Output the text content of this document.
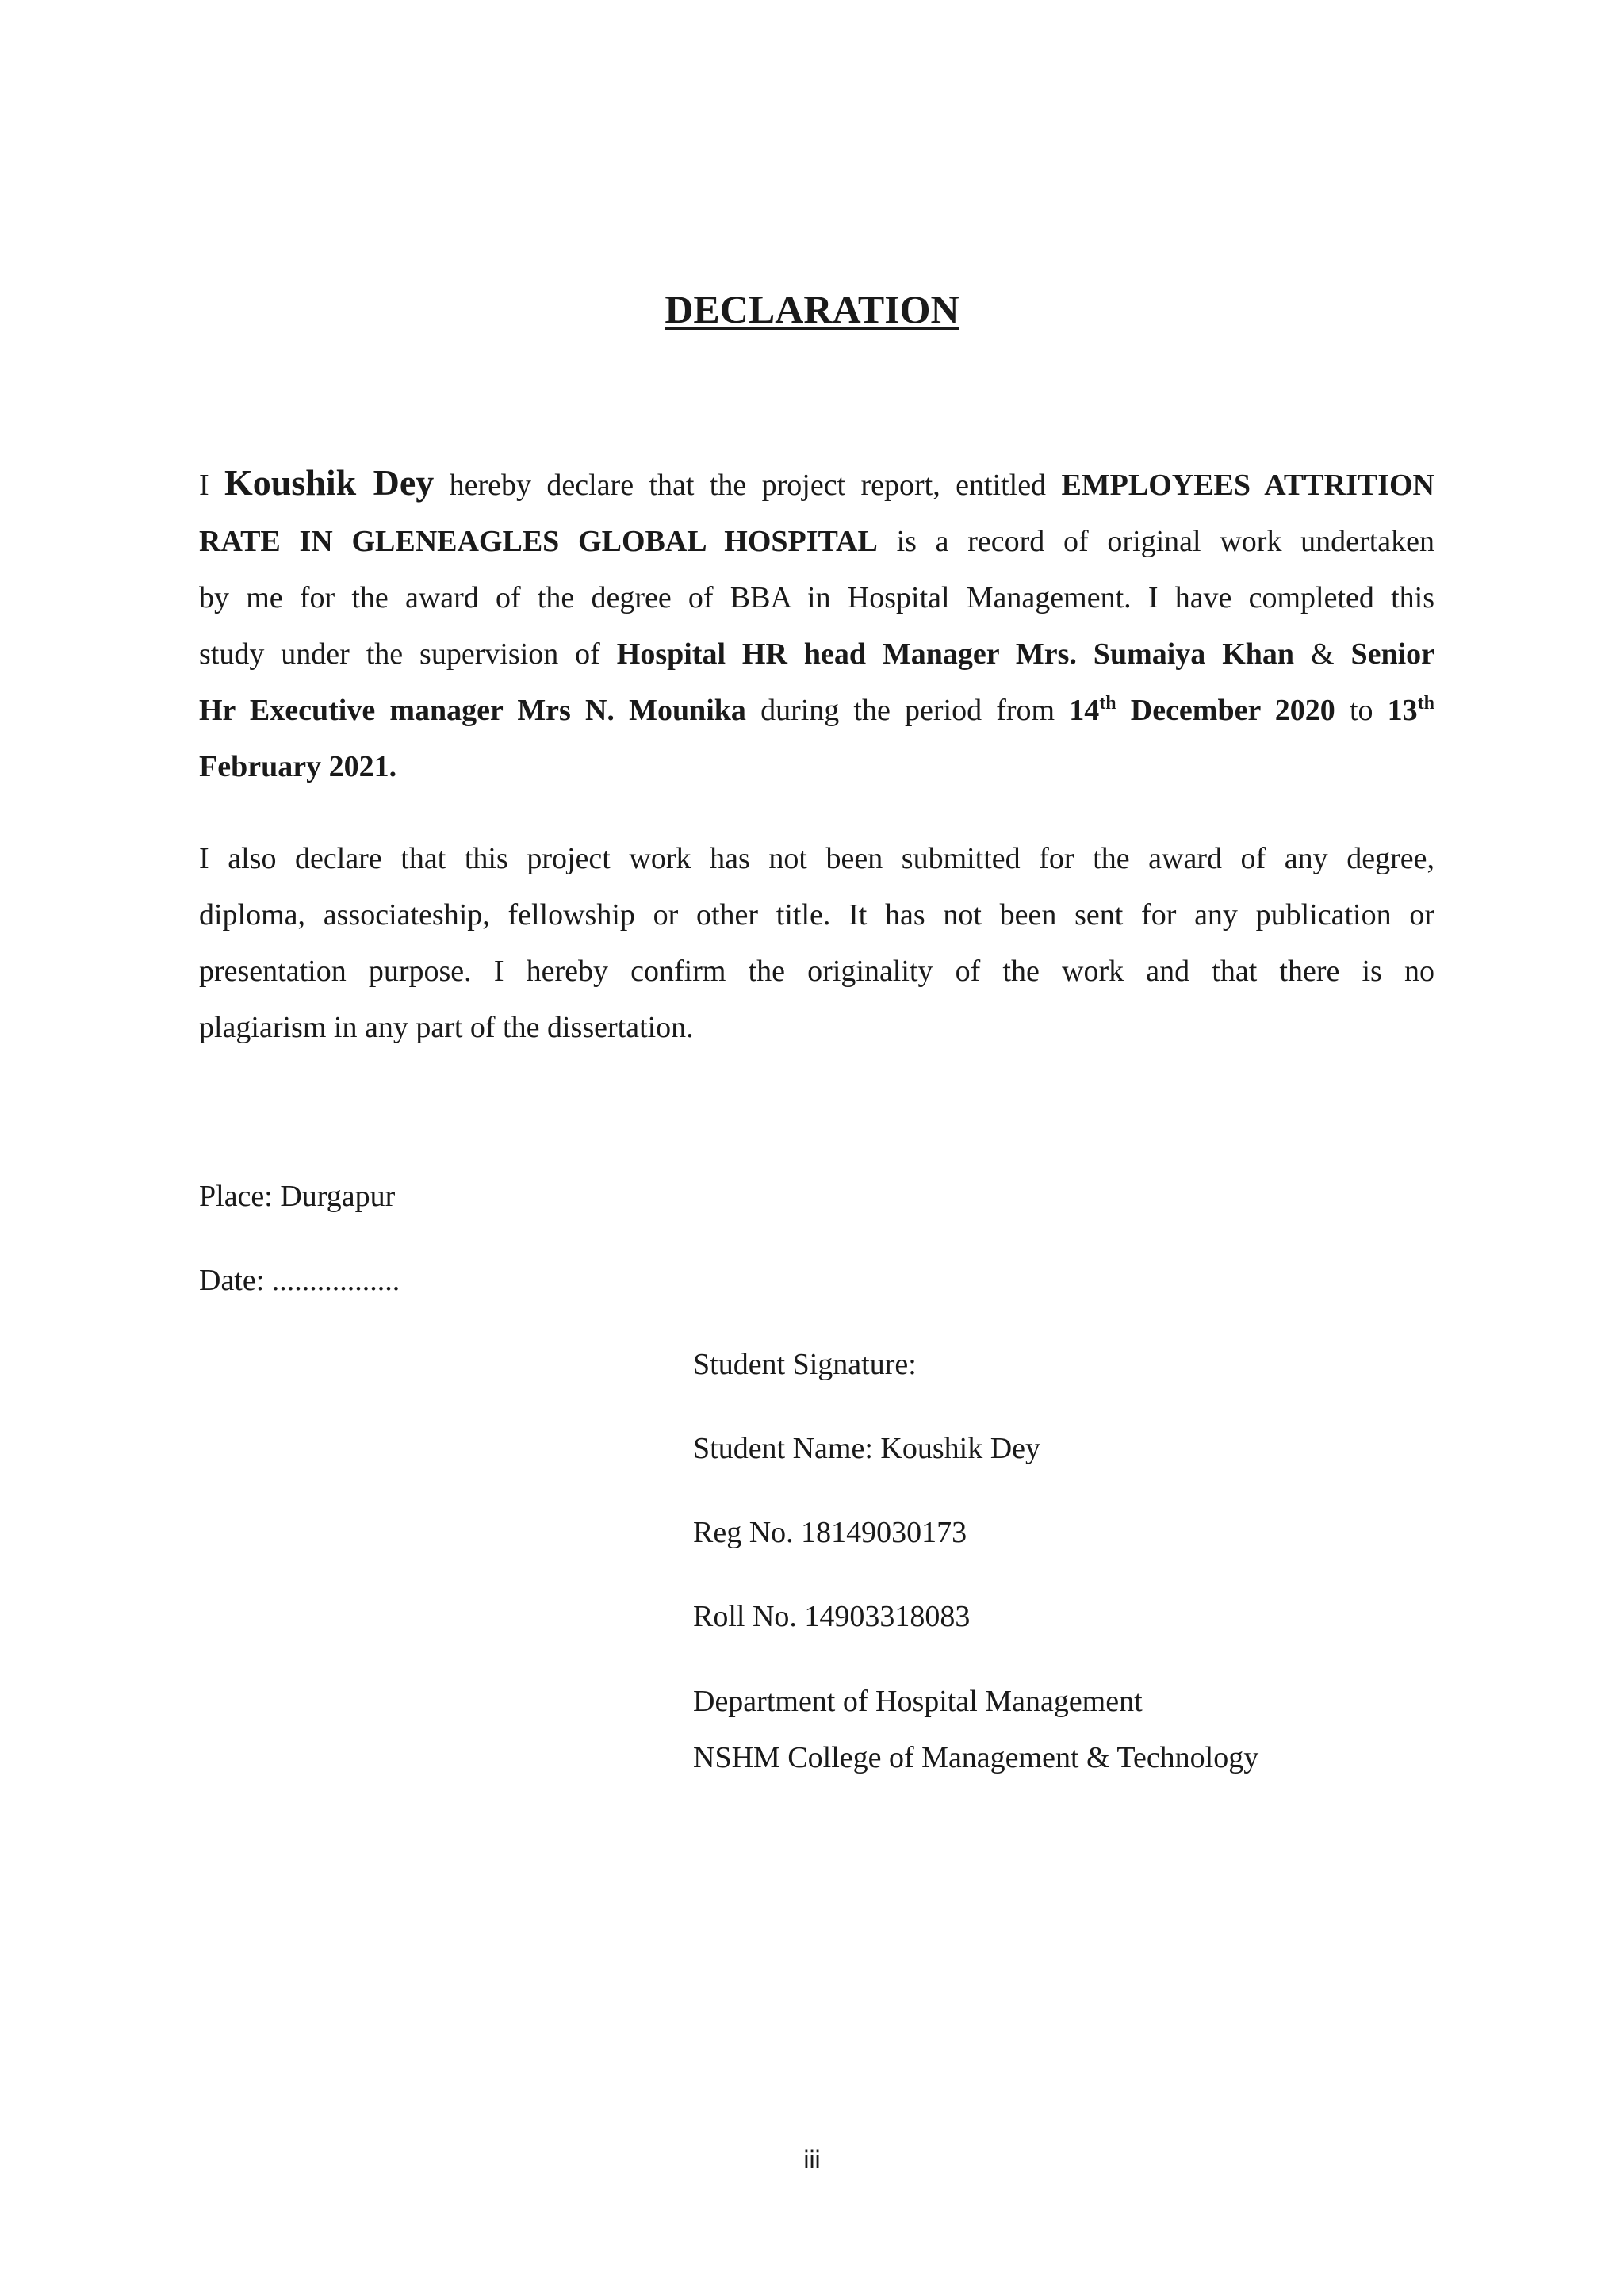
DECLARATION
I Koushik Dey hereby declare that the project report, entitled EMPLOYEES ATTRITION
RATE IN GLENEAGLES GLOBAL HOSPITAL is a record of original work undertaken
by me for the award of the degree of BBA in Hospital Management. I have completed this
study under the supervision of Hospital HR head Manager Mrs. Sumaiya Khan & Senior
Hr Executive manager Mrs N. Mounika during the period from 14th December 2020 to 13th
February 2021.
I also declare that this project work has not been submitted for the award of any degree,
diploma, associateship, fellowship or other title. It has not been sent for any publication or
presentation purpose. I hereby confirm the originality of the work and that there is no
plagiarism in any part of the dissertation.
Place: Durgapur
Date: .................
Student Signature:
Student Name: Koushik Dey
Reg No. 18149030173
Roll No. 14903318083
Department of Hospital Management
NSHM College of Management & Technology
iii
